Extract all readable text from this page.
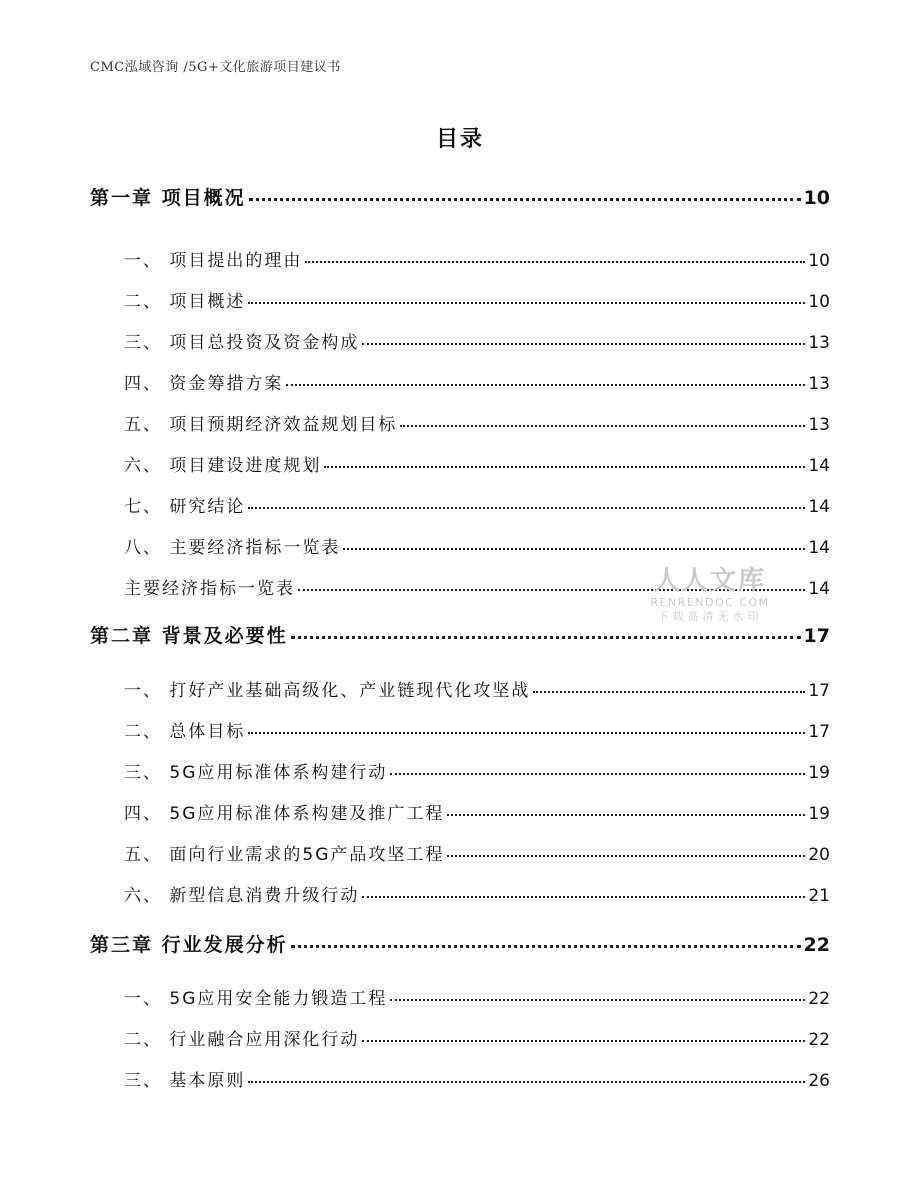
CMC泓域咨询 /5G+文化旅游项目建议书
目录
第一章 项目概况	10
一、 项目提出的理由	10
二、 项目概述	10
三、 项目总投资及资金构成	13
四、 资金筹措方案	13
五、 项目预期经济效益规划目标	13
六、 项目建设进度规划	14
七、 研究结论	14
八、 主要经济指标一览表	14
主要经济指标一览表	14
第二章 背景及必要性	17
一、 打好产业基础高级化、产业链现代化攻坚战	17
二、 总体目标	17
三、 5G应用标准体系构建行动	19
四、 5G应用标准体系构建及推广工程	19
五、 面向行业需求的5G产品攻坚工程	20
六、 新型信息消费升级行动	21
第三章 行业发展分析	22
一、 5G应用安全能力锻造工程	22
二、 行业融合应用深化行动	22
三、 基本原则	26
人人文库
RENRENDOC.COM
下载高清无水印
